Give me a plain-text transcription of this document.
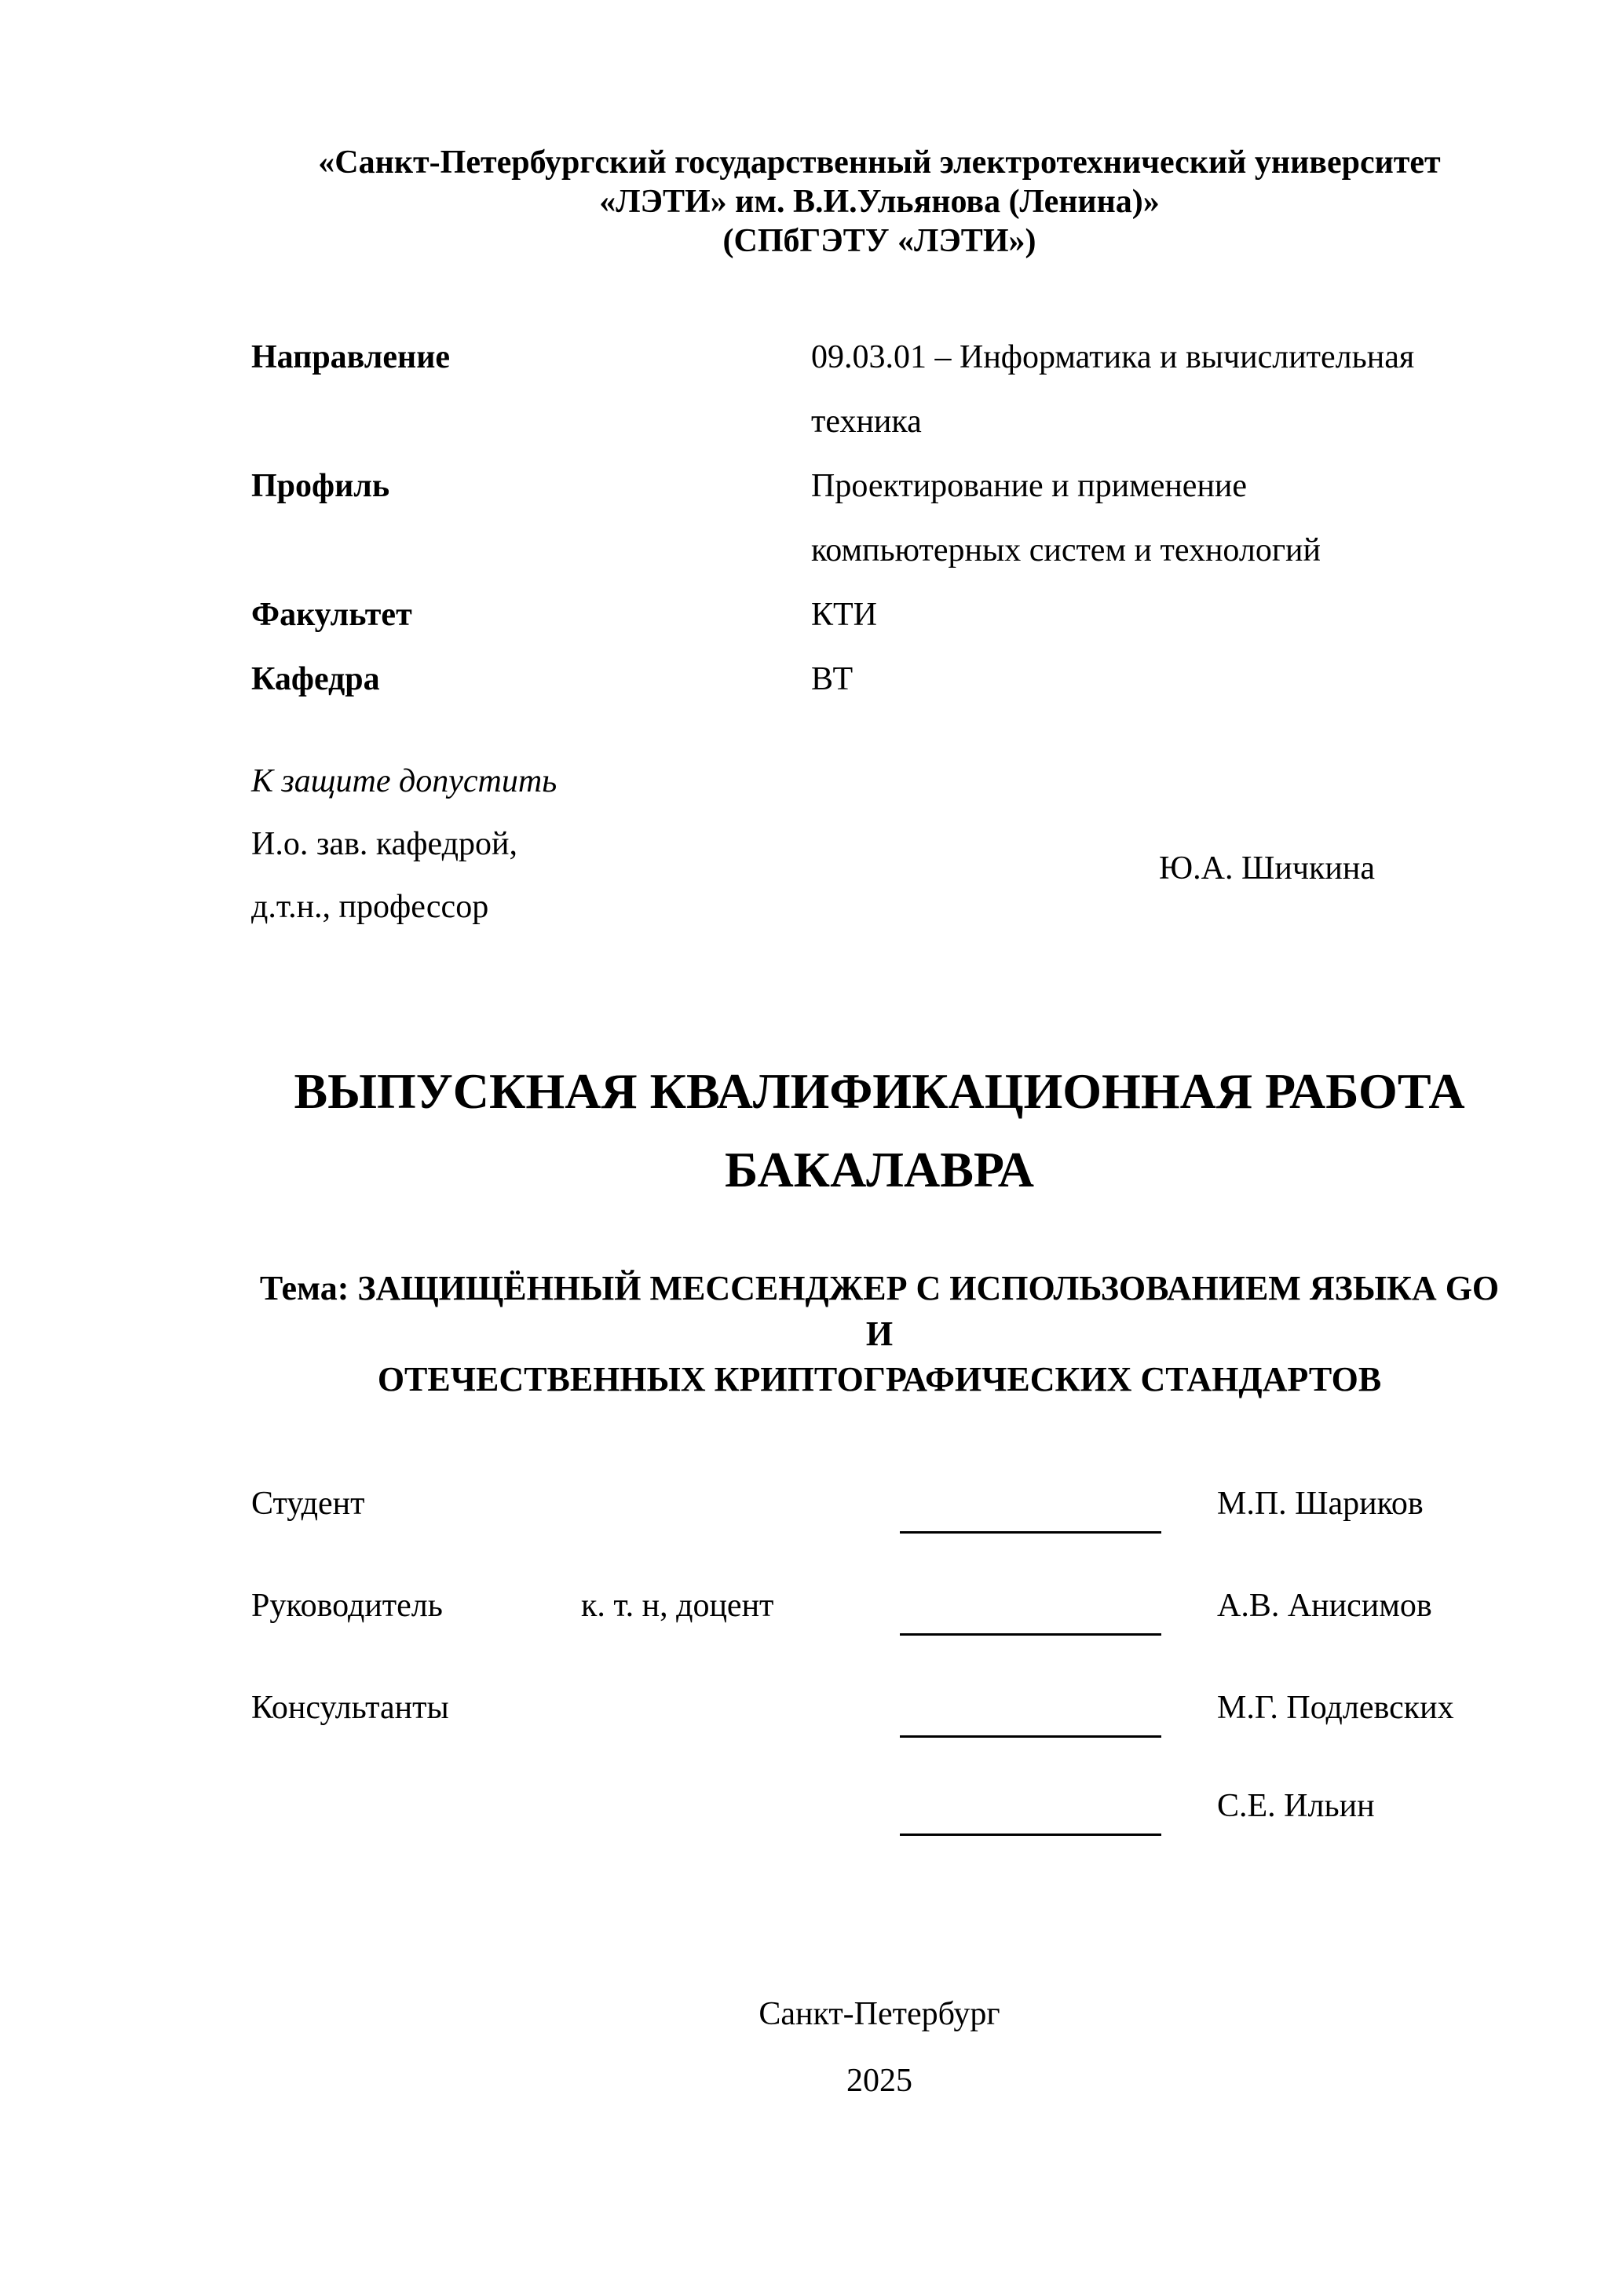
«Санкт-Петербургский государственный электротехнический университет
«ЛЭТИ» им. В.И.Ульянова (Ленина)»
(СПбГЭТУ «ЛЭТИ»)
Направление	09.03.01 – Информатика и вычислительная
техника
Профиль	Проектирование и применение
компьютерных систем и технологий
Факультет	КТИ
Кафедра	ВТ
К защите допустить
И.о. зав. кафедрой,
д.т.н., профессор
Ю.А. Шичкина
ВЫПУСКНАЯ КВАЛИФИКАЦИОННАЯ РАБОТА
БАКАЛАВРА

Тема: ЗАЩИЩЁННЫЙ МЕССЕНДЖЕР С ИСПОЛЬЗОВАНИЕМ ЯЗЫКА GO И
ОТЕЧЕСТВЕННЫХ КРИПТОГРАФИЧЕСКИХ СТАНДАРТОВ

Студент	М.П. Шариков
Руководитель	к. т. н, доцент	А.В. Анисимов
Консультанты	М.Г. Подлевских
С.Е. Ильин
Санкт-Петербург
2025
